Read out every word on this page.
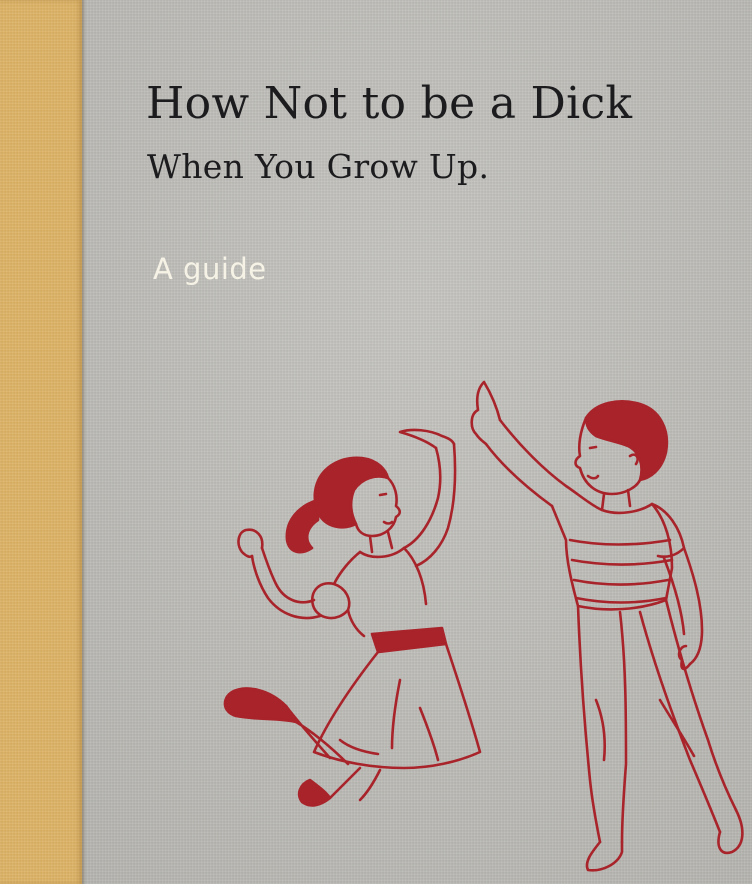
How Not to be a Dick
When You Grow Up.

A guide
